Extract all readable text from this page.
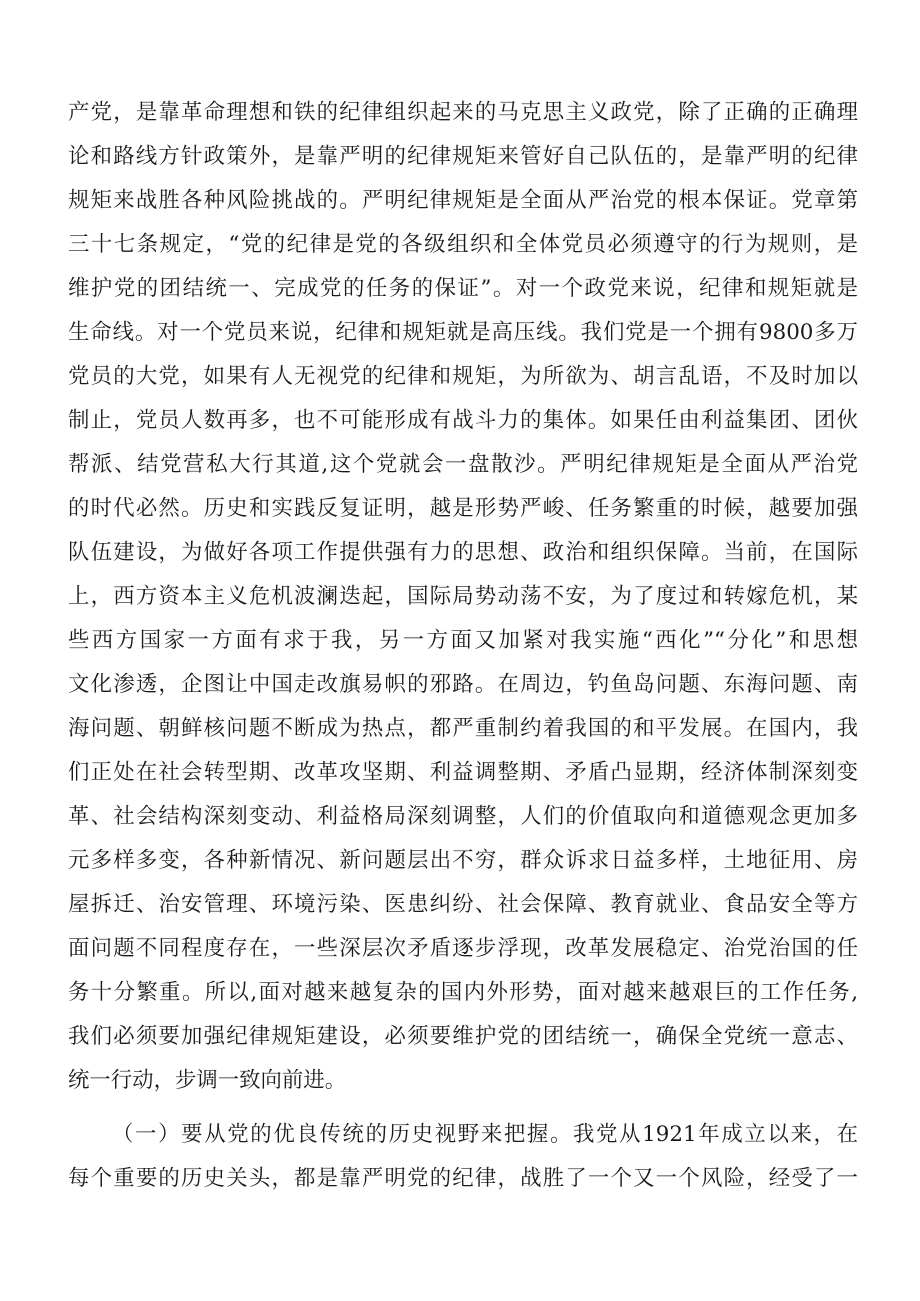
产党，是靠革命理想和铁的纪律组织起来的马克思主义政党，除了正确的正确理
论和路线方针政策外，是靠严明的纪律规矩来管好自己队伍的，是靠严明的纪律
规矩来战胜各种风险挑战的。严明纪律规矩是全面从严治党的根本保证。党章第
三十七条规定，“党的纪律是党的各级组织和全体党员必须遵守的行为规则，是
维护党的团结统一、完成党的任务的保证”。对一个政党来说，纪律和规矩就是
生命线。对一个党员来说，纪律和规矩就是高压线。我们党是一个拥有9800多万
党员的大党，如果有人无视党的纪律和规矩，为所欲为、胡言乱语，不及时加以
制止，党员人数再多，也不可能形成有战斗力的集体。如果任由利益集团、团伙
帮派、结党营私大行其道,这个党就会一盘散沙。严明纪律规矩是全面从严治党
的时代必然。历史和实践反复证明，越是形势严峻、任务繁重的时候，越要加强
队伍建设，为做好各项工作提供强有力的思想、政治和组织保障。当前，在国际
上，西方资本主义危机波澜迭起，国际局势动荡不安，为了度过和转嫁危机，某
些西方国家一方面有求于我，另一方面又加紧对我实施“西化”“分化”和思想
文化渗透，企图让中国走改旗易帜的邪路。在周边，钓鱼岛问题、东海问题、南
海问题、朝鲜核问题不断成为热点，都严重制约着我国的和平发展。在国内，我
们正处在社会转型期、改革攻坚期、利益调整期、矛盾凸显期，经济体制深刻变
革、社会结构深刻变动、利益格局深刻调整，人们的价值取向和道德观念更加多
元多样多变，各种新情况、新问题层出不穷，群众诉求日益多样，土地征用、房
屋拆迁、治安管理、环境污染、医患纠纷、社会保障、教育就业、食品安全等方
面问题不同程度存在，一些深层次矛盾逐步浮现，改革发展稳定、治党治国的任
务十分繁重。所以,面对越来越复杂的国内外形势，面对越来越艰巨的工作任务,
我们必须要加强纪律规矩建设，必须要维护党的团结统一，确保全党统一意志、
统一行动，步调一致向前进。
（一）要从党的优良传统的历史视野来把握。我党从1921年成立以来，在
每个重要的历史关头，都是靠严明党的纪律，战胜了一个又一个风险，经受了一
